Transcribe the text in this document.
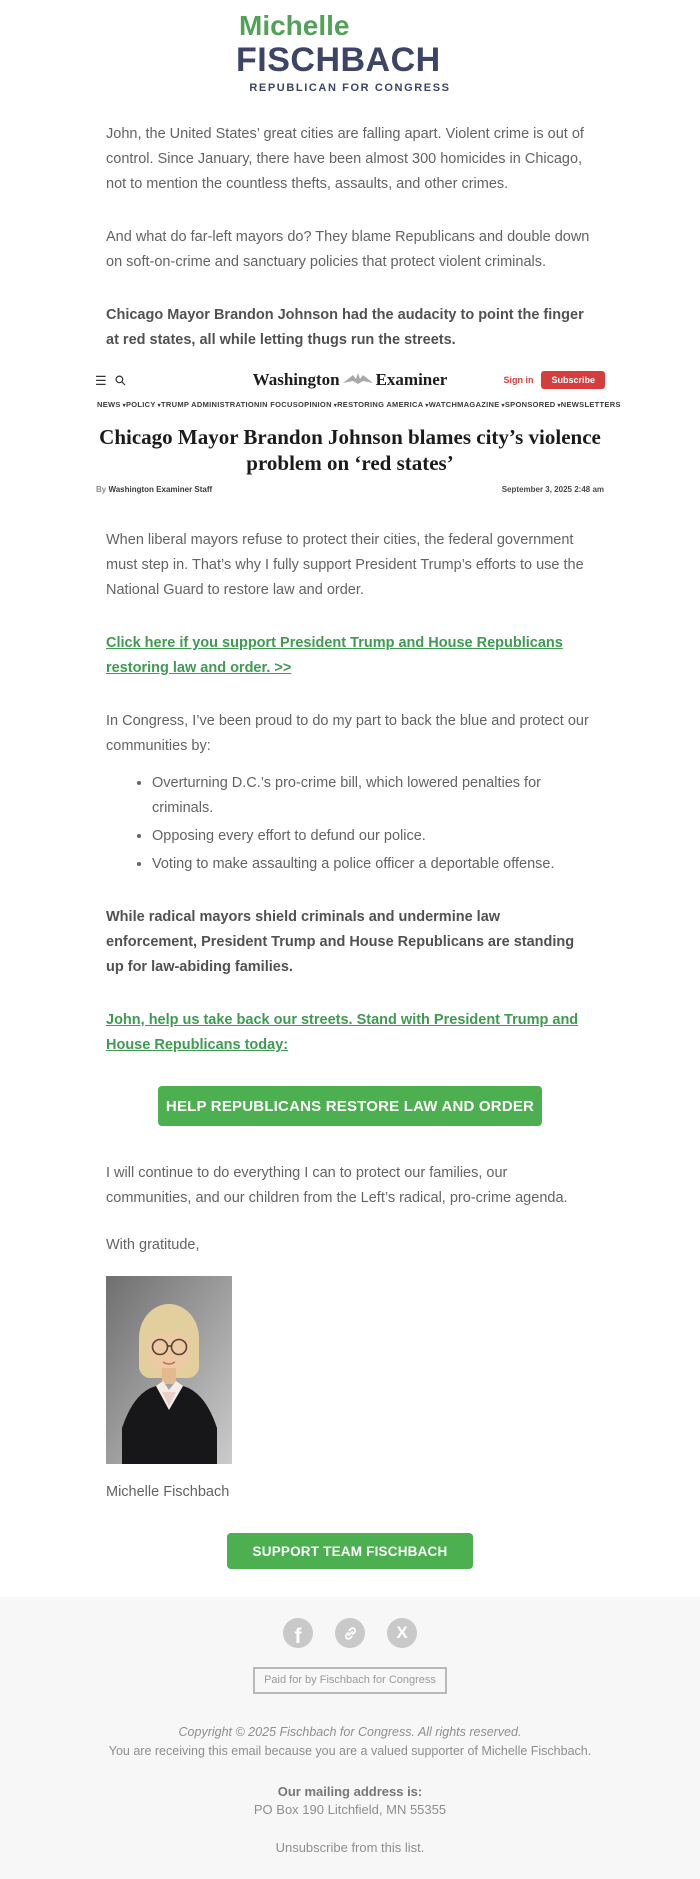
Michelle
FISCHBACH
REPUBLICAN FOR CONGRESS

John, the United States’ great cities are falling apart. Violent crime is out of control. Since January, there have been almost 300 homicides in Chicago, not to mention the countless thefts, assaults, and other crimes.

And what do far-left mayors do? They blame Republicans and double down on soft-on-crime and sanctuary policies that protect violent criminals.

Chicago Mayor Brandon Johnson had the audacity to point the finger at red states, all while letting thugs run the streets.

☰	Washington Examiner	Sign in	Subscribe
NEWS ▾ POLICY ▾ TRUMP ADMINISTRATION IN FOCUS OPINION ▾ RESTORING AMERICA ▾ WATCH MAGAZINE ▾ SPONSORED ▾ NEWSLETTERS
Chicago Mayor Brandon Johnson blames city’s violence problem on ‘red states’
By Washington Examiner Staff	September 3, 2025 2:48 am

When liberal mayors refuse to protect their cities, the federal government must step in. That’s why I fully support President Trump’s efforts to use the National Guard to restore law and order.

Click here if you support President Trump and House Republicans restoring law and order. >>

In Congress, I’ve been proud to do my part to back the blue and protect our communities by:

• Overturning D.C.’s pro-crime bill, which lowered penalties for criminals.
• Opposing every effort to defund our police.
• Voting to make assaulting a police officer a deportable offense.

While radical mayors shield criminals and undermine law enforcement, President Trump and House Republicans are standing up for law-abiding families.

John, help us take back our streets. Stand with President Trump and House Republicans today:
HELP REPUBLICANS RESTORE LAW AND ORDER

I will continue to do everything I can to protect our families, our communities, and our children from the Left’s radical, pro-crime agenda.

With gratitude,

Michelle Fischbach

SUPPORT TEAM FISCHBACH
f	X
Paid for by Fischbach for Congress
Copyright © 2025 Fischbach for Congress. All rights reserved.
You are receiving this email because you are a valued supporter of Michelle Fischbach.
Our mailing address is:
PO Box 190 Litchfield, MN 55355
Unsubscribe from this list.
